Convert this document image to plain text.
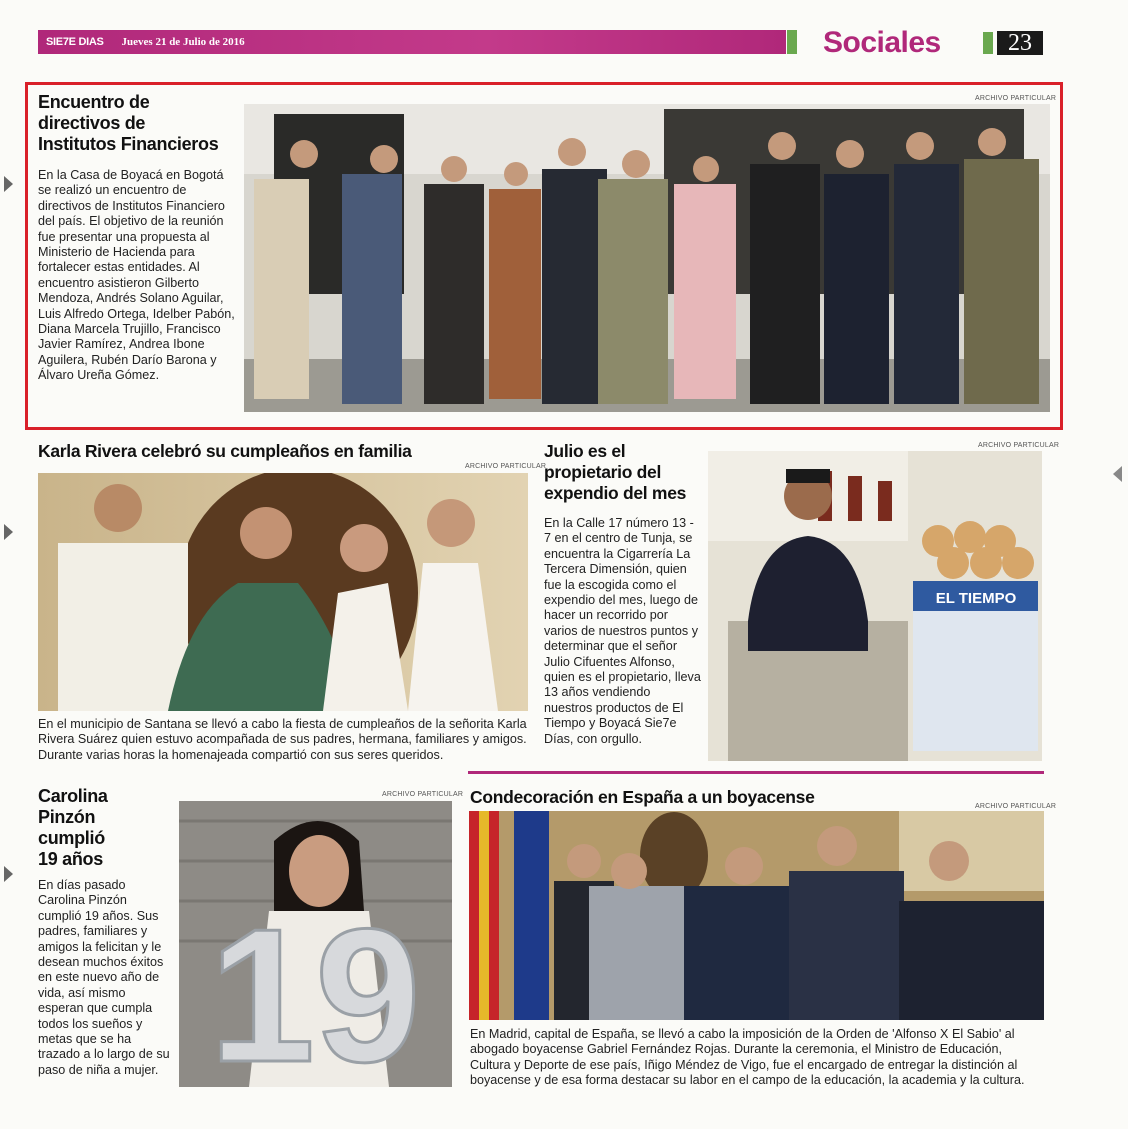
SIE7E DIAS Jueves 21 de Julio de 2016	Sociales	23
Encuentro de
directivos de
Institutos Financieros

En la Casa de Boyacá en Bogotá se realizó un encuentro de directivos de Institutos Financiero del país. El objetivo de la reunión fue presentar una propuesta al Ministerio de Hacienda para fortalecer estas entidades. Al encuentro asistieron Gilberto Mendoza, Andrés Solano Aguilar, Luis Alfredo Ortega, Idelber Pabón, Diana Marcela Trujillo, Francisco Javier Ramírez, Andrea Ibone Aguilera, Rubén Darío Barona y Álvaro Ureña Gómez.

ARCHIVO PARTICULAR
Karla Rivera celebró su cumpleaños en familia
ARCHIVO PARTICULAR

En el municipio de Santana se llevó a cabo la fiesta de cumpleaños de la señorita Karla Rivera Suárez quien estuvo acompañada de sus padres, hermana, familiares y amigos. Durante varias horas la homenajeada compartió con sus seres queridos.

Julio es el
propietario del
expendio del mes

En la Calle 17 número 13 - 7 en el centro de Tunja, se encuentra la Cigarrería La Tercera Dimensión, quien fue la escogida como el expendio del mes, luego de hacer un recorrido por varios de nuestros puntos y determinar que el señor Julio Cifuentes Alfonso, quien es el propietario, lleva 13 años vendiendo nuestros productos de El Tiempo y Boyacá Sie7e Días, con orgullo.

ARCHIVO PARTICULAR
EL TIEMPO
Carolina
Pinzón
cumplió
19 años

En días pasado Carolina Pinzón cumplió 19 años. Sus padres, familiares y amigos la felicitan y le desean muchos éxitos en este nuevo año de vida, así mismo esperan que cumpla todos los sueños y metas que se ha trazado a lo largo de su paso de niña a mujer.

ARCHIVO PARTICULAR
19
Condecoración en España a un boyacense	ARCHIVO PARTICULAR

En Madrid, capital de España, se llevó a cabo la imposición de la Orden de 'Alfonso X El Sabio' al abogado boyacense Gabriel Fernández Rojas. Durante la ceremonia, el Ministro de Educación, Cultura y Deporte de ese país, Iñigo Méndez de Vigo, fue el encargado de entregar la distinción al boyacense y de esa forma destacar su labor en el campo de la educación, la academia y la cultura.
